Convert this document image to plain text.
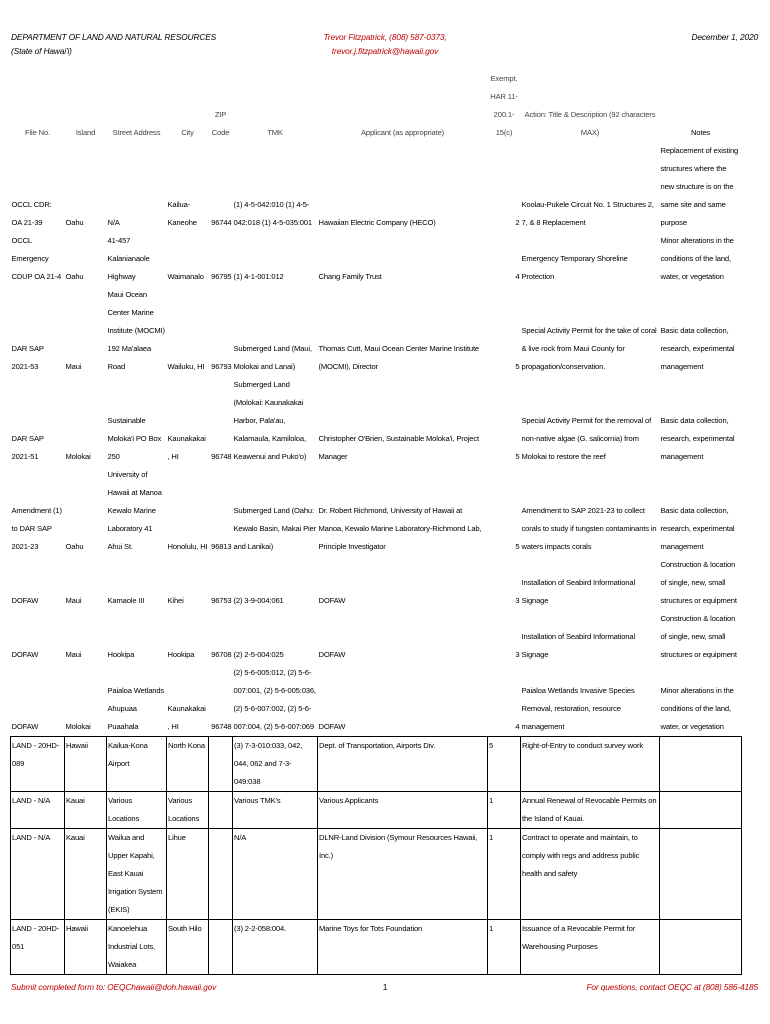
DEPARTMENT OF LAND AND NATURAL RESOURCES
(State of Hawai'i)
Trevor Fitzpatrick, (808) 587-0373,
trevor.j.fitzpatrick@hawaii.gov
December 1, 2020
File No.	Island	Street Address	City	ZIP Code	TMK	Applicant (as appropriate)	Exempt. HAR 11-200.1-15(c)	Action: Title & Description (92 characters MAX)	Notes
OCCL CDR: OA 21-39	Oahu	N/A	Kailua-Kaneohe	96744	(1) 4-5-042:010 (1) 4-5-042:018 (1) 4-5-035:001	Hawaiian Electric Company (HECO)	2	Koolau-Pukele Circuit No. 1 Structures 2, 7, & 8 Replacement	Replacement of existing structures where the new structure is on the same site and same purpose
OCCL Emergency CDUP OA 21-4	Oahu	41-457 Kalanianaole Highway	Waimanalo	96795	(1) 4-1-001:012	Chang Family Trust	4	Emergency Temporary Shoreline Protection	Minor alterations in the conditions of the land, water, or vegetation
DAR SAP 2021-53	Maui	Maui Ocean Center Marine Institute (MOCMI) 192 Ma'alaea Road	Wailuku, HI	96793	Submerged Land (Maui, Molokai and Lanai)	Thomas Cutt, Maui Ocean Center Marine Institute (MOCMI), Director	5	Special Activity Permit for the take of coral & live rock from Maui County for propagation/conservation.	Basic data collection, research, experimental management
DAR SAP 2021-51	Molokai	Sustainable Moloka'i PO Box 250	Kaunakakai, HI	96748	Submerged Land (Molokai: Kaunakakai Harbor, Pala'au, Kalamaula, Kamiloloa, Keawenui and Puko'o)	Christopher O'Brien, Sustainable Moloka'i, Project Manager	5	Special Activity Permit for the removal of non-native algae (G. salicornia) from Molokai to restore the reef	Basic data collection, research, experimental management
Amendment (1) to DAR SAP 2021-23	Oahu	University of Hawaii at Manoa Kewalo Marine Laboratory 41 Ahui St.	Honolulu, HI	96813	Submerged Land (Oahu: Kewalo Basin, Makai Pier and Lanikai)	Dr. Robert Richmond, University of Hawaii at Manoa, Kewalo Marine Laboratory-Richmond Lab, Principle Investigator	5	Amendment to SAP 2021-23 to collect corals to study if tungsten contaminants in waters impacts corals	Basic data collection, research, experimental management
DOFAW	Maui	Kamaole III	Kihei	96753	(2) 3-9-004:061	DOFAW	3	Installation of Seabird Informational Signage	Construction & location of single, new, small structures or equipment
DOFAW	Maui	Hookipa	Hookipa	96708	(2) 2-5-004:025	DOFAW	3	Installation of Seabird Informational Signage	Construction & location of single, new, small structures or equipment
DOFAW	Molokai	Paialoa Wetlands Ahupuaa Puaahala	Kaunakakai, HI	96748	(2) 5-6-005:012, (2) 5-6-007:001, (2) 5-6-005:036, (2) 5-6-007:002, (2) 5-6-007:004, (2) 5-6-007:069	DOFAW	4	Paialoa Wetlands Invasive Species Removal, restoration, resource management	Minor alterations in the conditions of the land, water, or vegetation
LAND - 20HD-089	Hawaii	Kailua-Kona Airport	North Kona		(3) 7-3-010:033, 042, 044, 062 and 7-3-049:038	Dept. of Transportation, Airports Div.	5	Right-of-Entry to conduct survey work	
LAND - N/A	Kauai	Various Locations	Various Locations		Various TMK's	Various Applicants	1	Annual Renewal of Revocable Permits on the Island of Kauai.	
LAND - N/A	Kauai	Wailua and Upper Kapahi, East Kauai Irrigation System (EKIS)	Lihue		N/A	DLNR-Land Division (Symour Resources Hawaii, Inc.)	1	Contract to operate and maintain, to comply with regs and address public health and safety	
LAND - 20HD-051	Hawaii	Kanoelehua Industrial Lots, Waiakea	South Hilo		(3) 2-2-058:004.	Marine Toys for Tots Foundation	1	Issuance of a Revocable Permit for Warehousing Purposes	
Submit completed form to: OEQChawaii@doh.hawaii.gov	1	For questions, contact OEQC at (808) 586-4185
